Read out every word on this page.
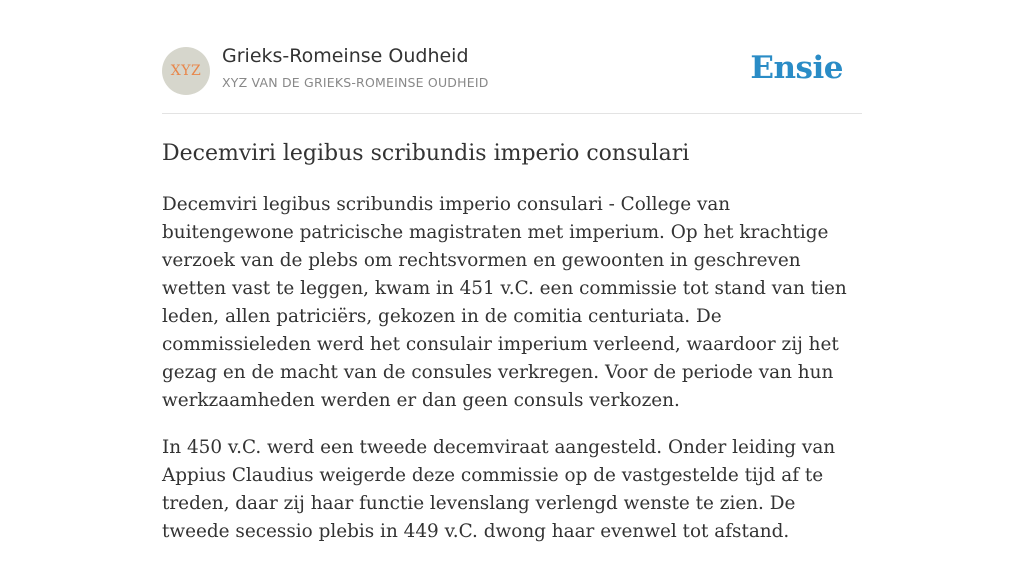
XYZ
Grieks-Romeinse Oudheid
XYZ VAN DE GRIEKS-ROMEINSE OUDHEID	Ensie
Decemviri legibus scribundis imperio consulari

Decemviri legibus scribundis imperio consulari - College van buitengewone patricische magistraten met imperium. Op het krachtige verzoek van de plebs om rechtsvormen en gewoonten in geschreven wetten vast te leggen, kwam in 451 v.C. een commissie tot stand van tien leden, allen patriciërs, gekozen in de comitia centuriata. De commissieleden werd het consulair imperium verleend, waardoor zij het gezag en de macht van de consules verkregen. Voor de periode van hun werkzaamheden werden er dan geen consuls verkozen.

In 450 v.C. werd een tweede decemviraat aangesteld. Onder leiding van Appius Claudius weigerde deze commissie op de vastgestelde tijd af te treden, daar zij haar functie levenslang verlengd wenste te zien. De tweede secessio plebis in 449 v.C. dwong haar evenwel tot afstand.
